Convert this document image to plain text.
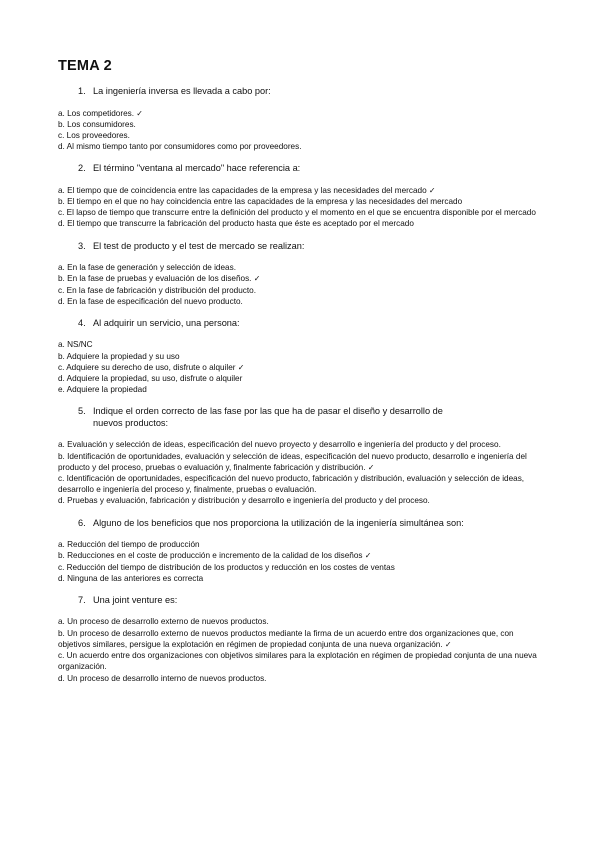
TEMA 2
1. La ingeniería inversa es llevada a cabo por:

a. Los competidores. ✓

b. Los consumidores.

c. Los proveedores.

d. Al mismo tiempo tanto por consumidores como por proveedores.

2. El término "ventana al mercado" hace referencia a:

a. El tiempo que de coincidencia entre las capacidades de la empresa y las necesidades del mercado ✓

b. El tiempo en el que no hay coincidencia entre las capacidades de la empresa y las necesidades del mercado

c. El lapso de tiempo que transcurre entre la definición del producto y el momento en el que se encuentra disponible por el mercado

d. El tiempo que transcurre la fabricación del producto hasta que éste es aceptado por el mercado

3. El test de producto y el test de mercado se realizan:

a. En la fase de generación y selección de ideas.

b. En la fase de pruebas y evaluación de los diseños. ✓

c. En la fase de fabricación y distribución del producto.

d. En la fase de especificación del nuevo producto.

4. Al adquirir un servicio, una persona:

a. NS/NC

b. Adquiere la propiedad y su uso

c. Adquiere su derecho de uso, disfrute o alquiler ✓

d. Adquiere la propiedad, su uso, disfrute o alquiler

e. Adquiere la propiedad

5. Indique el orden correcto de las fase por las que ha de pasar el diseño y desarrollo de nuevos productos:

a. Evaluación y selección de ideas, especificación del nuevo proyecto y desarrollo e ingeniería del producto y del proceso.

b. Identificación de oportunidades, evaluación y selección de ideas, especificación del nuevo producto, desarrollo e ingeniería del producto y del proceso, pruebas o evaluación y, finalmente fabricación y distribución. ✓

c. Identificación de oportunidades, especificación del nuevo producto, fabricación y distribución, evaluación y selección de ideas, desarrollo e ingeniería del proceso y, finalmente, pruebas o evaluación.

d. Pruebas y evaluación, fabricación y distribución y desarrollo e ingeniería del producto y del proceso.

6. Alguno de los beneficios que nos proporciona la utilización de la ingeniería simultánea son:

a. Reducción del tiempo de producción

b. Reducciones en el coste de producción e incremento de la calidad de los diseños ✓

c. Reducción del tiempo de distribución de los productos y reducción en los costes de ventas

d. Ninguna de las anteriores es correcta

7. Una joint venture es:

a. Un proceso de desarrollo externo de nuevos productos.

b. Un proceso de desarrollo externo de nuevos productos mediante la firma de un acuerdo entre dos organizaciones que, con objetivos similares, persigue la explotación en régimen de propiedad conjunta de una nueva organización. ✓

c. Un acuerdo entre dos organizaciones con objetivos similares para la explotación en régimen de propiedad conjunta de una nueva organización.

d. Un proceso de desarrollo interno de nuevos productos.
